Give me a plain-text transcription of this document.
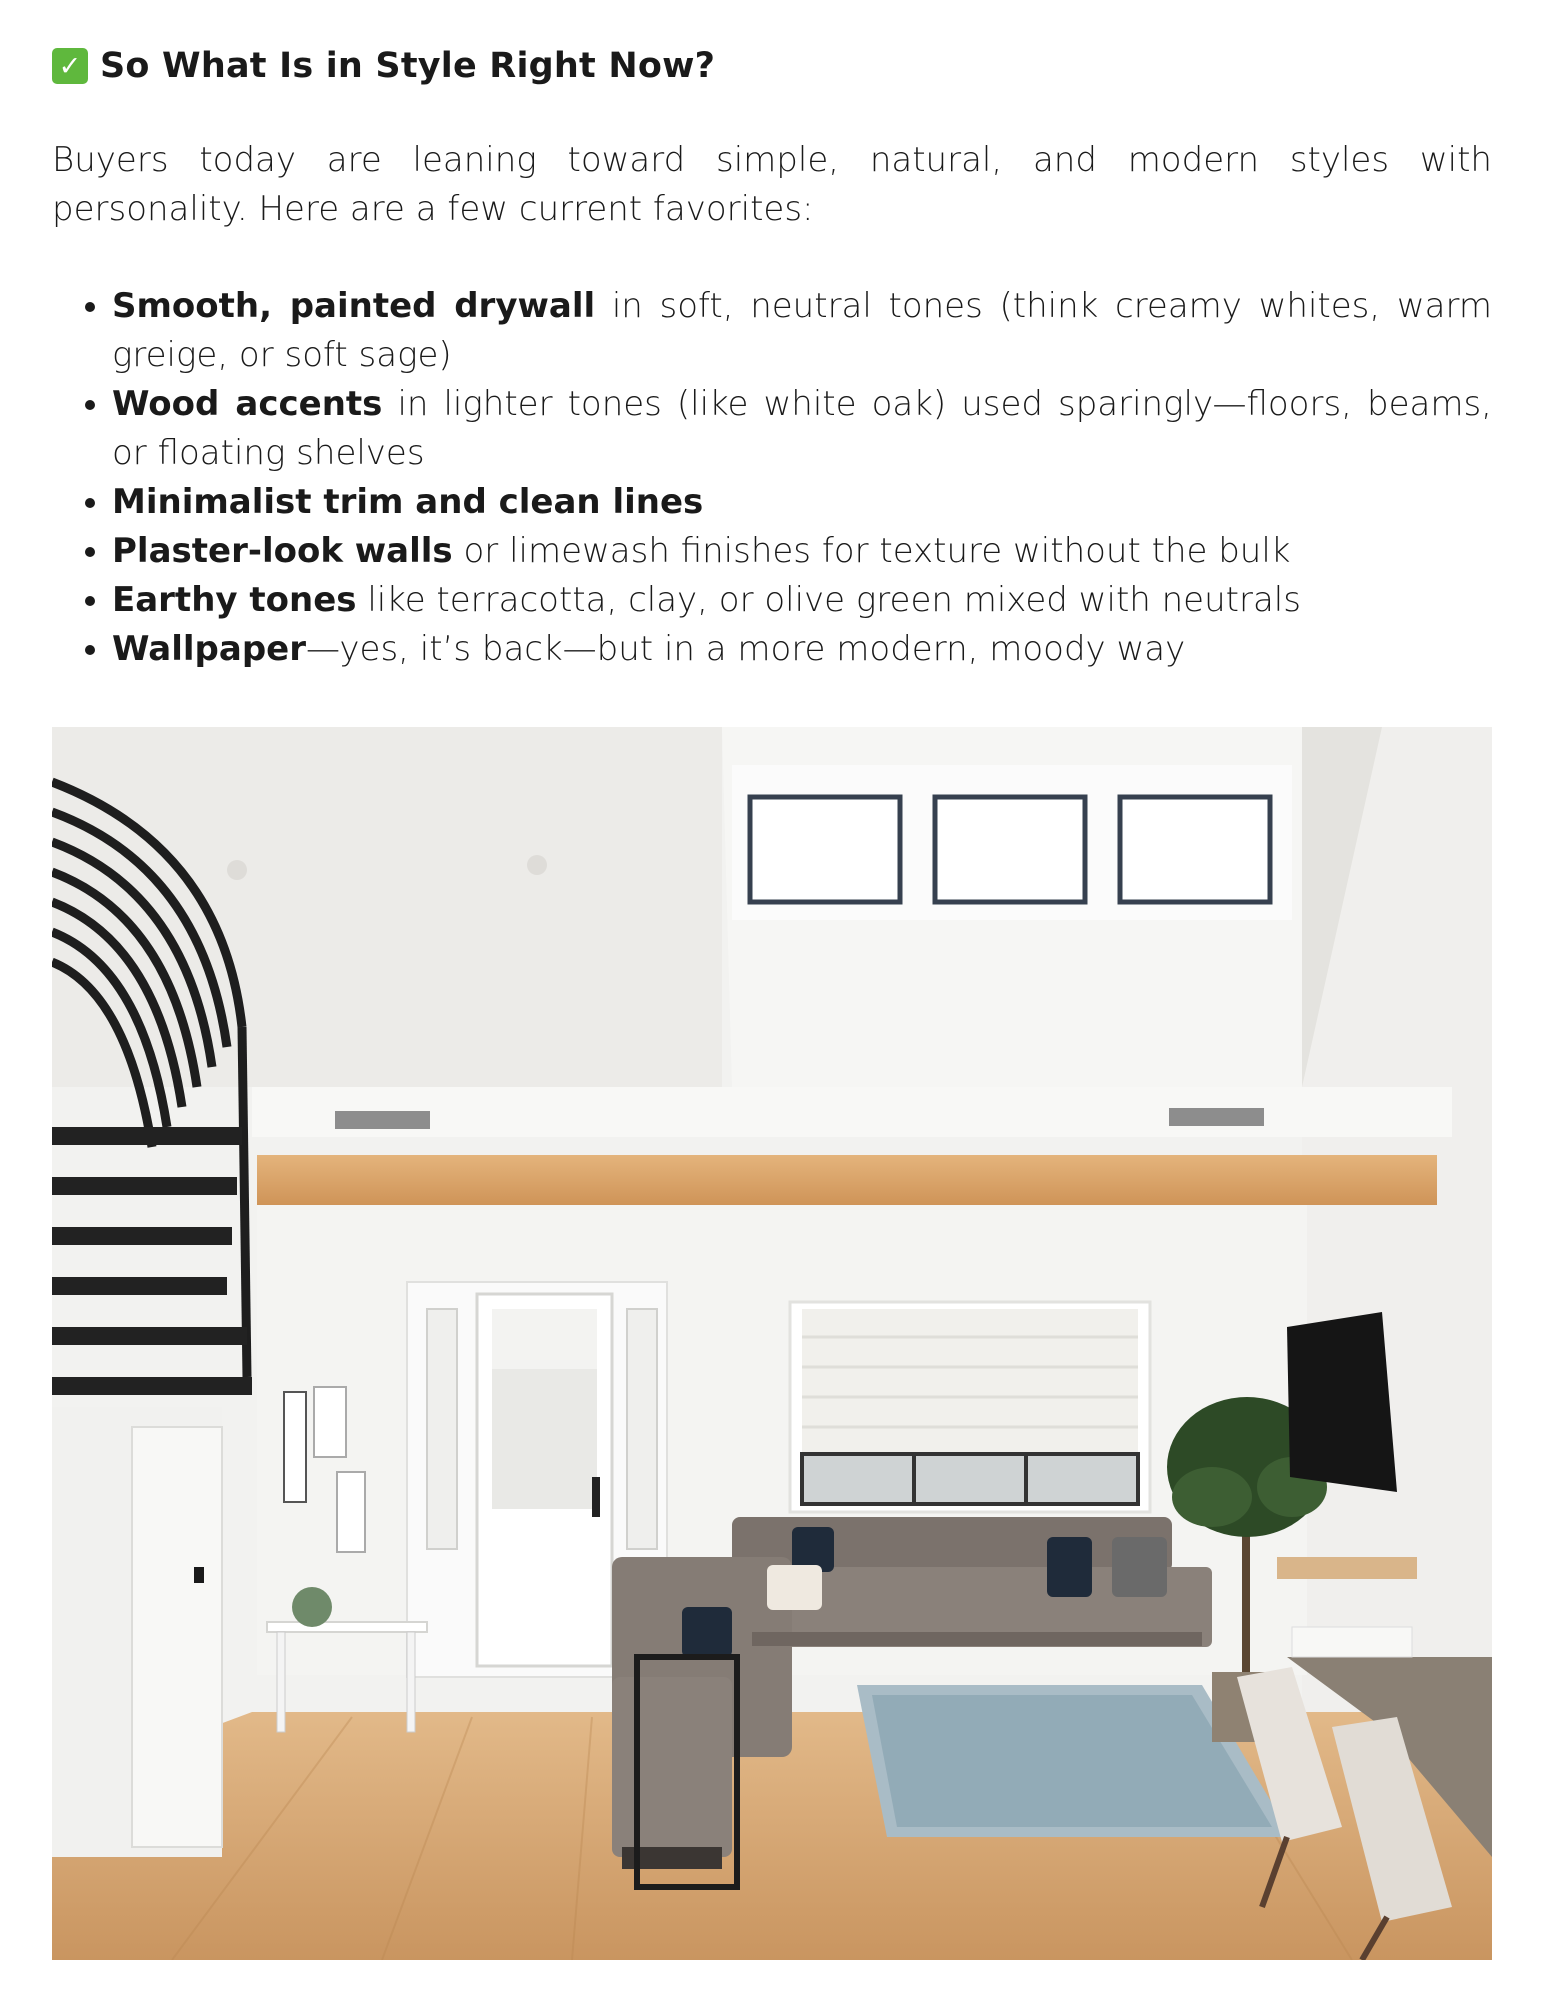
✓ So What Is in Style Right Now?

Buyers today are leaning toward simple, natural, and modern styles with personality. Here are a few current favorites:

• Smooth, painted drywall in soft, neutral tones (think creamy whites, warm greige, or soft sage)
• Wood accents in lighter tones (like white oak) used sparingly—floors, beams, or floating shelves
• Minimalist trim and clean lines
• Plaster-look walls or limewash finishes for texture without the bulk
• Earthy tones like terracotta, clay, or olive green mixed with neutrals
• Wallpaper—yes, it’s back—but in a more modern, moody way
